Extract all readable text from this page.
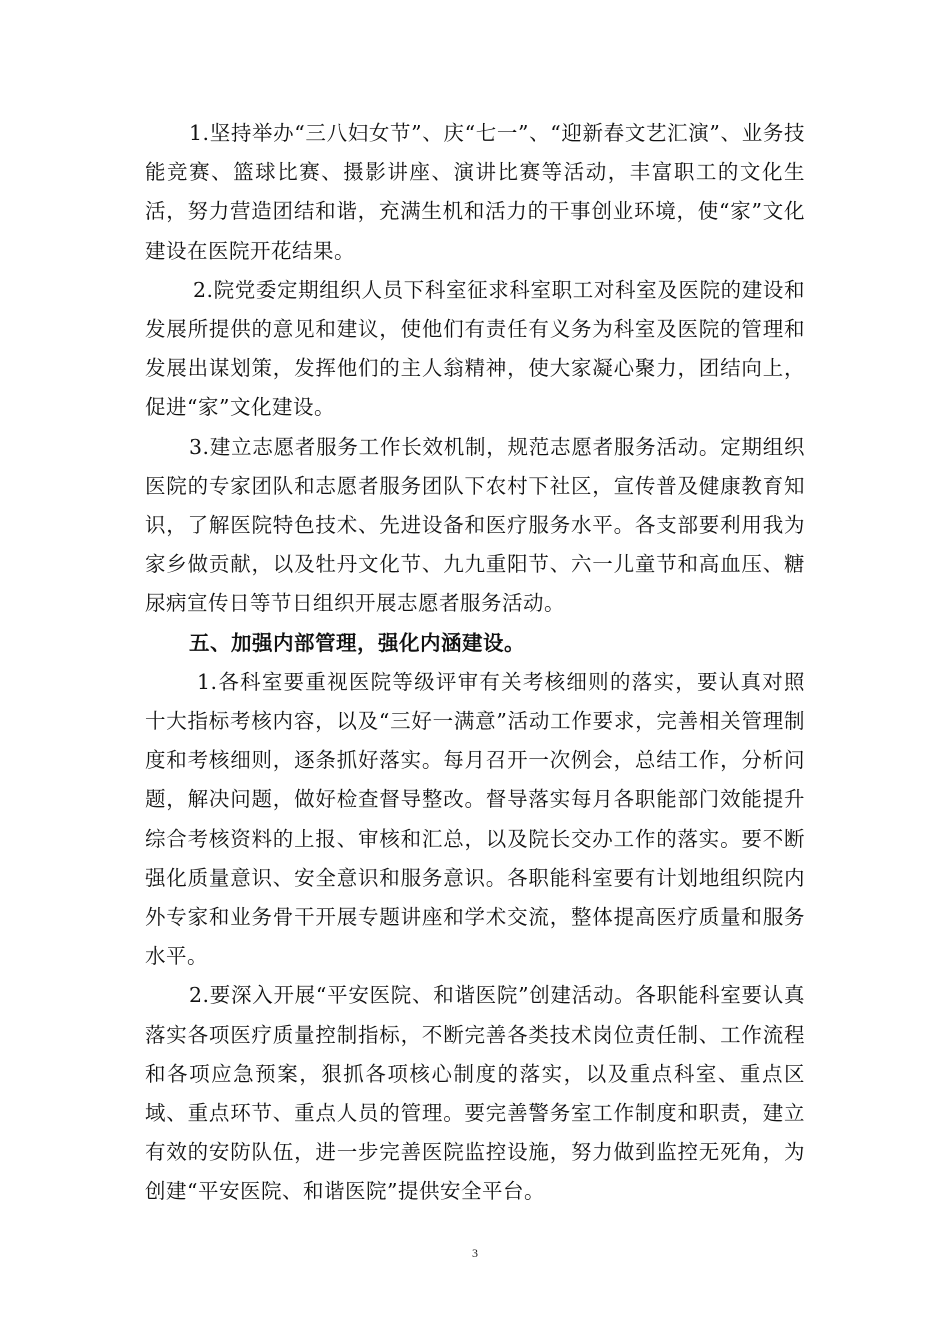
1.坚持举办“三八妇女节”、庆“七一”、“迎新春文艺汇演”、业务技能竞赛、篮球比赛、摄影讲座、演讲比赛等活动，丰富职工的文化生活，努力营造团结和谐，充满生机和活力的干事创业环境，使“家”文化建设在医院开花结果。

2.院党委定期组织人员下科室征求科室职工对科室及医院的建设和发展所提供的意见和建议，使他们有责任有义务为科室及医院的管理和发展出谋划策，发挥他们的主人翁精神，使大家凝心聚力，团结向上，促进“家”文化建设。

3.建立志愿者服务工作长效机制，规范志愿者服务活动。定期组织医院的专家团队和志愿者服务团队下农村下社区，宣传普及健康教育知识，了解医院特色技术、先进设备和医疗服务水平。各支部要利用我为家乡做贡献，以及牡丹文化节、九九重阳节、六一儿童节和高血压、糖尿病宣传日等节日组织开展志愿者服务活动。

五、加强内部管理，强化内涵建设。

1.各科室要重视医院等级评审有关考核细则的落实，要认真对照十大指标考核内容，以及“三好一满意”活动工作要求，完善相关管理制度和考核细则，逐条抓好落实。每月召开一次例会，总结工作，分析问题，解决问题，做好检查督导整改。督导落实每月各职能部门效能提升综合考核资料的上报、审核和汇总，以及院长交办工作的落实。要不断强化质量意识、安全意识和服务意识。各职能科室要有计划地组织院内外专家和业务骨干开展专题讲座和学术交流，整体提高医疗质量和服务水平。

2.要深入开展“平安医院、和谐医院”创建活动。各职能科室要认真落实各项医疗质量控制指标，不断完善各类技术岗位责任制、工作流程和各项应急预案，狠抓各项核心制度的落实，以及重点科室、重点区域、重点环节、重点人员的管理。要完善警务室工作制度和职责，建立有效的安防队伍，进一步完善医院监控设施，努力做到监控无死角，为创建“平安医院、和谐医院”提供安全平台。

3
